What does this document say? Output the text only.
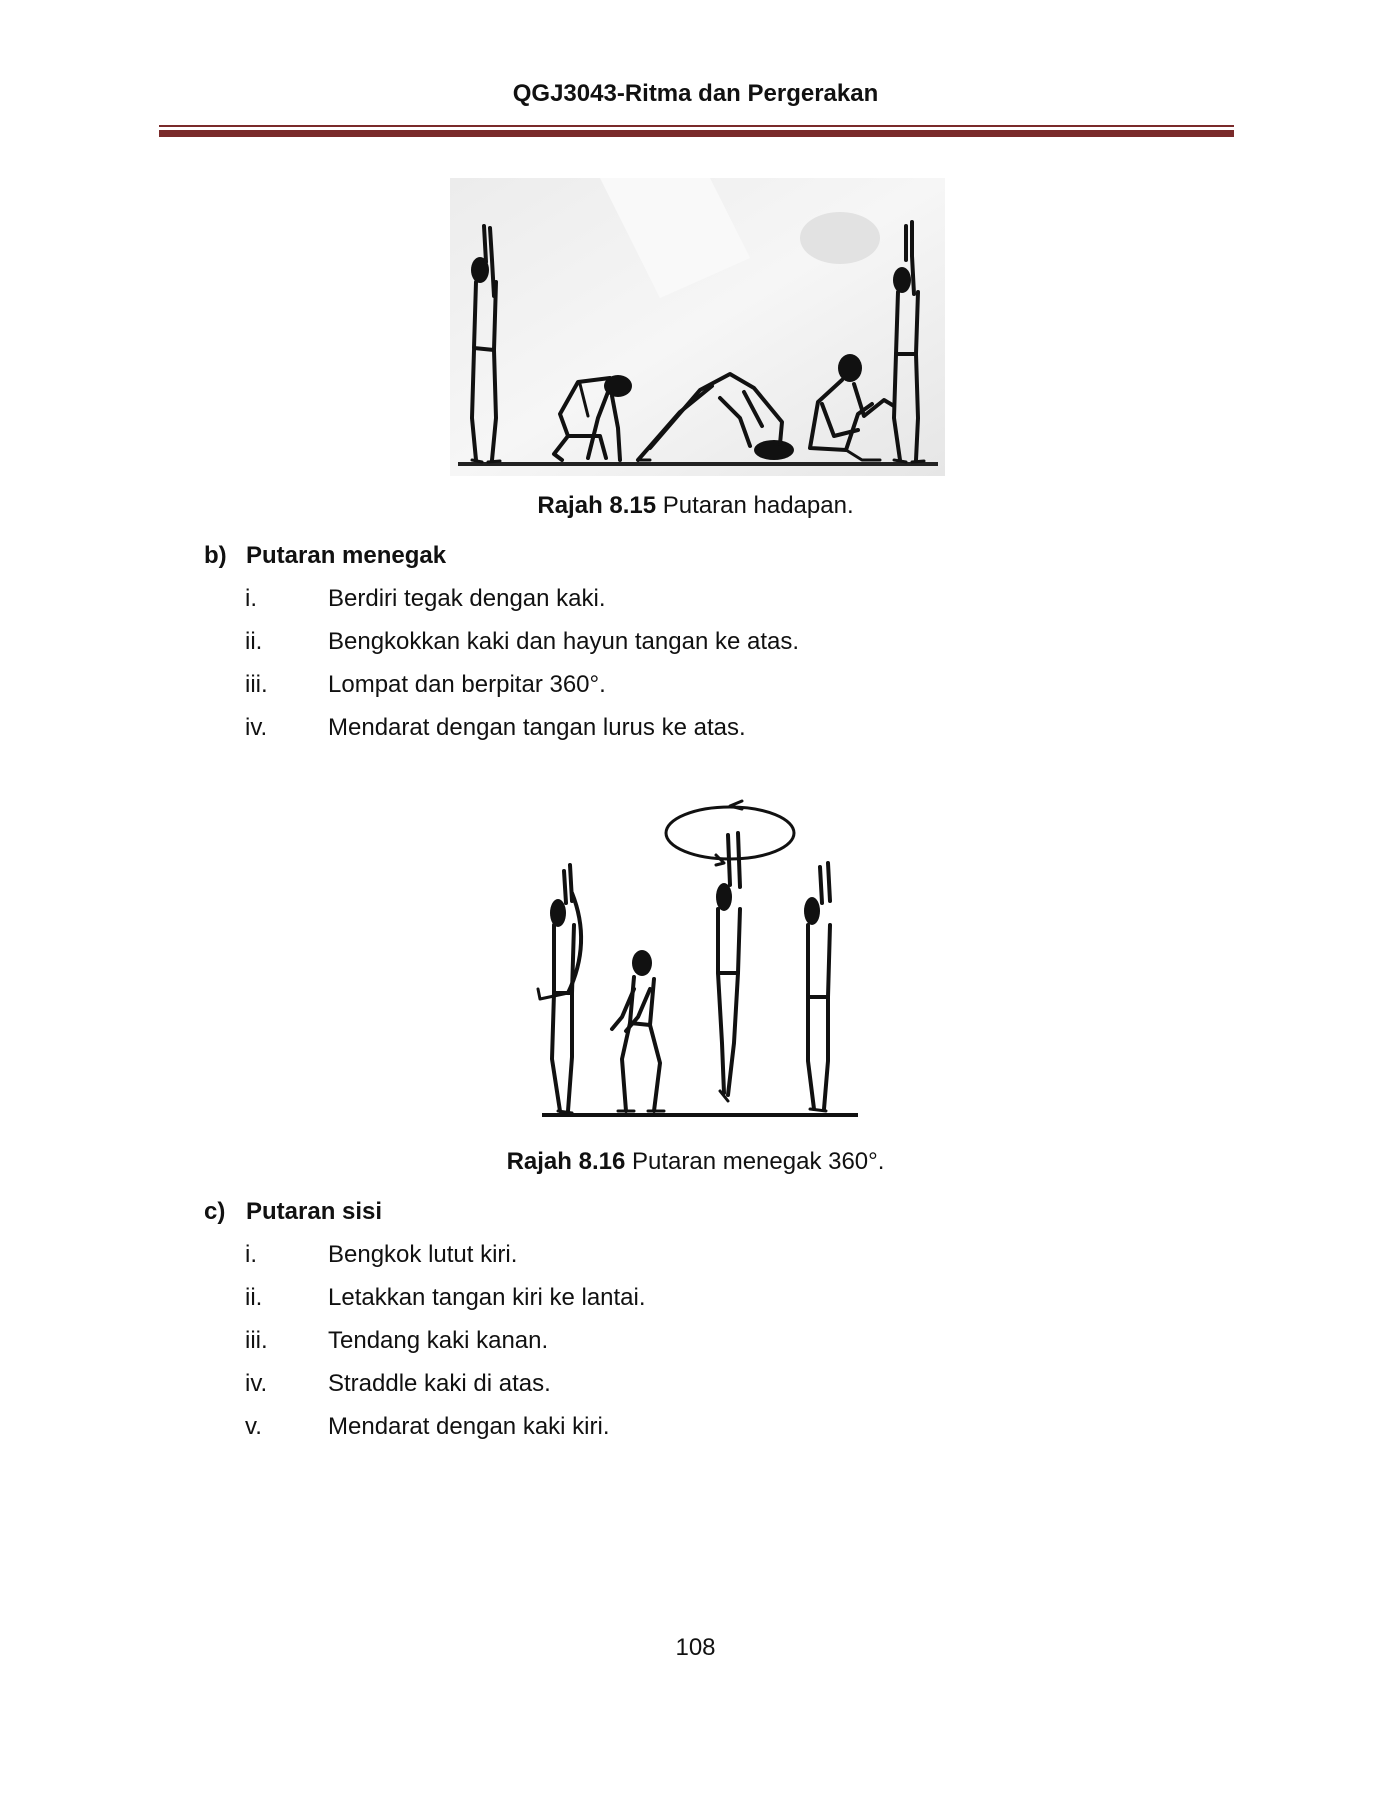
QGJ3043-Ritma dan Pergerakan
Rajah 8.15 Putaran hadapan.
b) Putaran menegak
i.	Berdiri tegak dengan kaki.
ii.	Bengkokkan kaki dan hayun tangan ke atas.
iii.	Lompat dan berpitar 360°.
iv.	Mendarat dengan tangan lurus ke atas.
Rajah 8.16 Putaran menegak 360°.
c) Putaran sisi
i.	Bengkok lutut kiri.
ii.	Letakkan tangan kiri ke lantai.
iii.	Tendang kaki kanan.
iv.	Straddle kaki di atas.
v.	Mendarat dengan kaki kiri.
108
